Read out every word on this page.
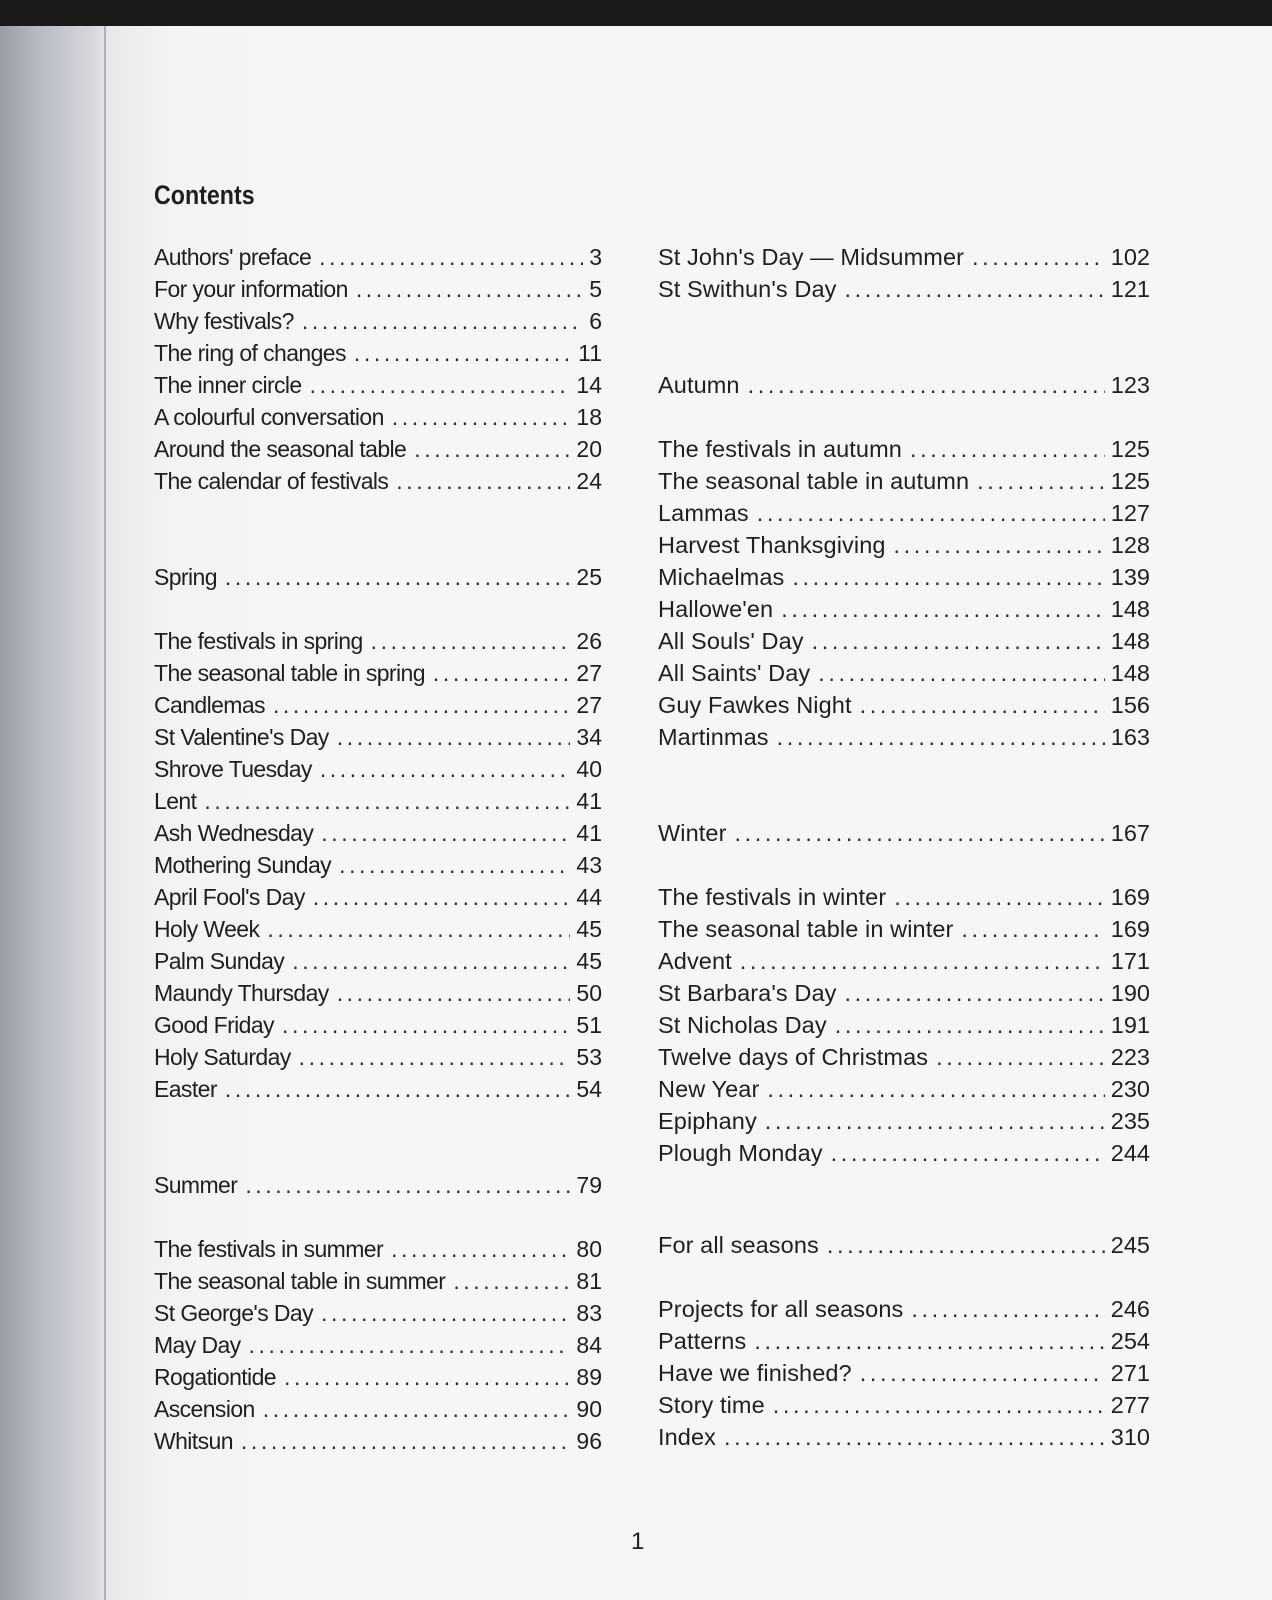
Contents
Authors' preface .....	3
For your information .....	5
Why festivals? .....	6
The ring of changes .....	11
The inner circle .....	14
A colourful conversation .....	18
Around the seasonal table .....	20
The calendar of festivals .....	24
Spring .....	25
The festivals in spring .....	26
The seasonal table in spring .....	27
Candlemas .....	27
St Valentine's Day .....	34
Shrove Tuesday .....	40
Lent .....	41
Ash Wednesday .....	41
Mothering Sunday .....	43
April Fool's Day .....	44
Holy Week .....	45
Palm Sunday .....	45
Maundy Thursday .....	50
Good Friday .....	51
Holy Saturday .....	53
Easter .....	54
Summer .....	79
The festivals in summer .....	80
The seasonal table in summer .....	81
St George's Day .....	83
May Day .....	84
Rogationtide .....	89
Ascension .....	90
Whitsun .....	96
St John's Day — Midsummer .....	102
St Swithun's Day .....	121
Autumn .....	123
The festivals in autumn .....	125
The seasonal table in autumn .....	125
Lammas .....	127
Harvest Thanksgiving .....	128
Michaelmas .....	139
Hallowe'en .....	148
All Souls' Day .....	148
All Saints' Day .....	148
Guy Fawkes Night .....	156
Martinmas .....	163
Winter .....	167
The festivals in winter .....	169
The seasonal table in winter .....	169
Advent .....	171
St Barbara's Day .....	190
St Nicholas Day .....	191
Twelve days of Christmas .....	223
New Year .....	230
Epiphany .....	235
Plough Monday .....	244
For all seasons .....	245
Projects for all seasons .....	246
Patterns .....	254
Have we finished? .....	271
Story time .....	277
Index .....	310
1
